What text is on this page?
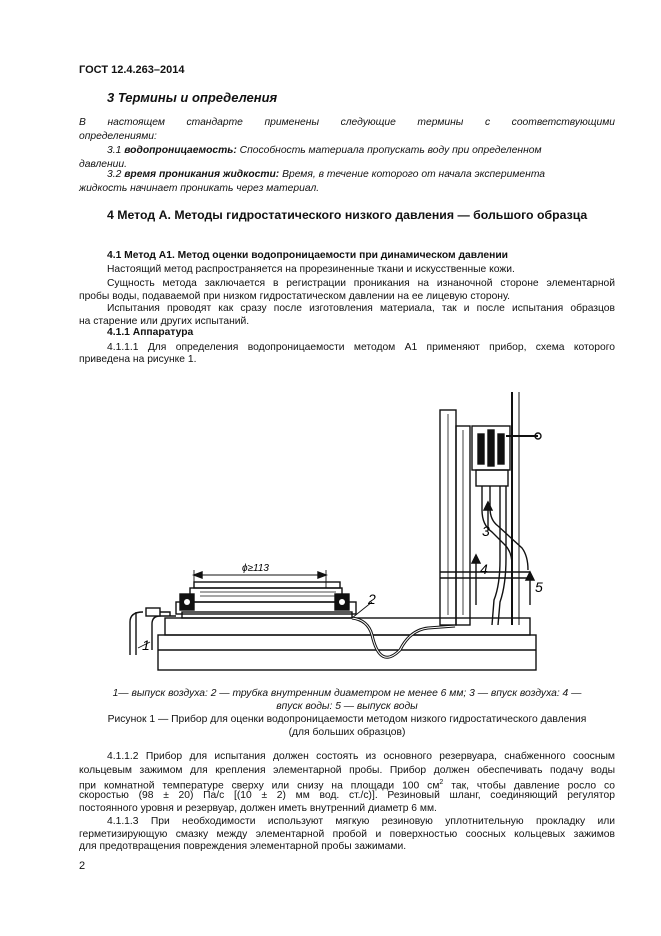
ГОСТ 12.4.263–2014
3 Термины и определения
В настоящем стандарте применены следующие термины с соответствующими
определениями:
3.1 водопроницаемость: Способность материала пропускать воду при определенном
давлении.
3.2 время проникания жидкости: Время, в течение которого от начала эксперимента
жидкость начинает проникать через материал.
4 Метод А. Методы гидростатического низкого давления — большого образца
4.1 Метод А1. Метод оценки водопроницаемости при динамическом давлении
Настоящий метод распространяется на прорезиненные ткани и искусственные кожи.
Сущность метода заключается в регистрации проникания на изнаночной стороне элементарной
пробы воды, подаваемой при низком гидростатическом давлении на ее лицевую сторону.
Испытания проводят как сразу после изготовления материала, так и после испытания образцов
на старение или других испытаний.
4.1.1 Аппаратура
4.1.1.1 Для определения водопроницаемости методом А1 применяют прибор, схема которого
приведена на рисунке 1.
ϕ≥113
1
2
3
4
5
1— выпуск воздуха: 2 — трубка внутренним диаметром не менее 6 мм; 3 — впуск воздуха: 4 —
впуск воды: 5 — выпуск воды
Рисунок 1 — Прибор для оценки водопроницаемости методом низкого гидростатического давления
(для больших образцов)
4.1.1.2 Прибор для испытания должен состоять из основного резервуара, снабженного соосным
кольцевым зажимом для крепления элементарной пробы. Прибор должен обеспечивать подачу воды
при комнатной температуре сверху или снизу на площади 100 $см^2$ так, чтобы давление росло со
скоростью (98 ± 20) Па/с [(10 ± 2) мм вод. ст./с)]. Резиновый шланг, соединяющий регулятор
постоянного уровня и резервуар, должен иметь внутренний диаметр 6 мм.
4.1.1.3 При необходимости используют мягкую резиновую уплотнительную прокладку или
герметизирующую смазку между элементарной пробой и поверхностью соосных кольцевых зажимов
для предотвращения повреждения элементарной пробы зажимами.
2
